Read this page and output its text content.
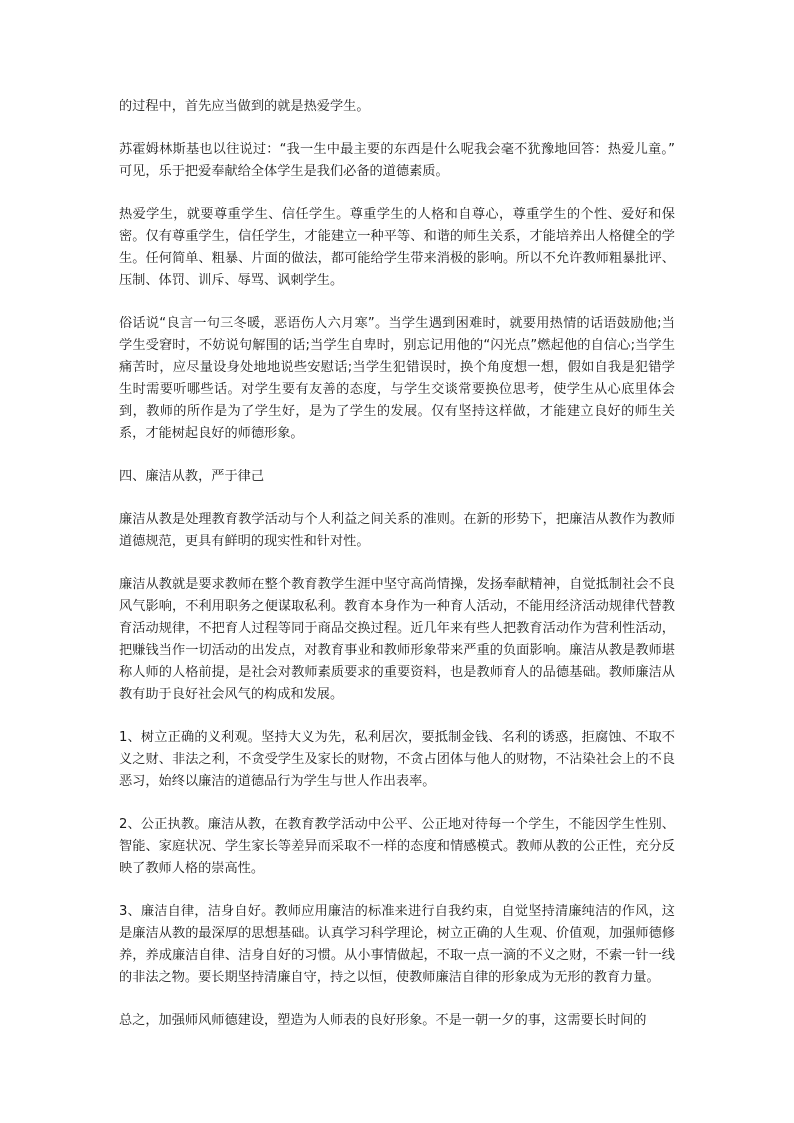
的过程中，首先应当做到的就是热爱学生。

苏霍姆林斯基也以往说过：“我一生中最主要的东西是什么呢我会毫不犹豫地回答：热爱儿童。” 可见，乐于把爱奉献给全体学生是我们必备的道德素质。

热爱学生，就要尊重学生、信任学生。尊重学生的人格和自尊心，尊重学生的个性、爱好和保密。仅有尊重学生，信任学生，才能建立一种平等、和谐的师生关系，才能培养出人格健全的学生。任何简单、粗暴、片面的做法，都可能给学生带来消极的影响。所以不允许教师粗暴批评、压制、体罚、训斥、辱骂、讽刺学生。

俗话说“良言一句三冬暖，恶语伤人六月寒”。当学生遇到困难时，就要用热情的话语鼓励他;当学生受窘时，不妨说句解围的话;当学生自卑时，别忘记用他的“闪光点”燃起他的自信心;当学生痛苦时，应尽量设身处地地说些安慰话;当学生犯错误时，换个角度想一想，假如自我是犯错学生时需要听哪些话。对学生要有友善的态度，与学生交谈常要换位思考，使学生从心底里体会到，教师的所作是为了学生好，是为了学生的发展。仅有坚持这样做，才能建立良好的师生关系，才能树起良好的师德形象。

四、廉洁从教，严于律己

廉洁从教是处理教育教学活动与个人利益之间关系的准则。在新的形势下，把廉洁从教作为教师道德规范，更具有鲜明的现实性和针对性。

廉洁从教就是要求教师在整个教育教学生涯中坚守高尚情操，发扬奉献精神，自觉抵制社会不良风气影响，不利用职务之便谋取私利。教育本身作为一种育人活动，不能用经济活动规律代替教育活动规律，不把育人过程等同于商品交换过程。近几年来有些人把教育活动作为营利性活动，把赚钱当作一切活动的出发点，对教育事业和教师形象带来严重的负面影响。廉洁从教是教师堪称人师的人格前提，是社会对教师素质要求的重要资料，也是教师育人的品德基础。教师廉洁从教有助于良好社会风气的构成和发展。

1、树立正确的义利观。坚持大义为先，私利居次，要抵制金钱、名利的诱惑，拒腐蚀、不取不义之财、非法之利，不贪受学生及家长的财物，不贪占团体与他人的财物，不沾染社会上的不良恶习，始终以廉洁的道德品行为学生与世人作出表率。

2、公正执教。廉洁从教，在教育教学活动中公平、公正地对待每一个学生，不能因学生性别、智能、家庭状况、学生家长等差异而采取不一样的态度和情感模式。教师从教的公正性，充分反映了教师人格的崇高性。

3、廉洁自律，洁身自好。教师应用廉洁的标准来进行自我约束，自觉坚持清廉纯洁的作风，这是廉洁从教的最深厚的思想基础。认真学习科学理论，树立正确的人生观、价值观，加强师德修养，养成廉洁自律、洁身自好的习惯。从小事情做起，不取一点一滴的不义之财，不索一针一线的非法之物。要长期坚持清廉自守，持之以恒，使教师廉洁自律的形象成为无形的教育力量。

总之，加强师风师德建设，塑造为人师表的良好形象。不是一朝一夕的事，这需要长时间的
